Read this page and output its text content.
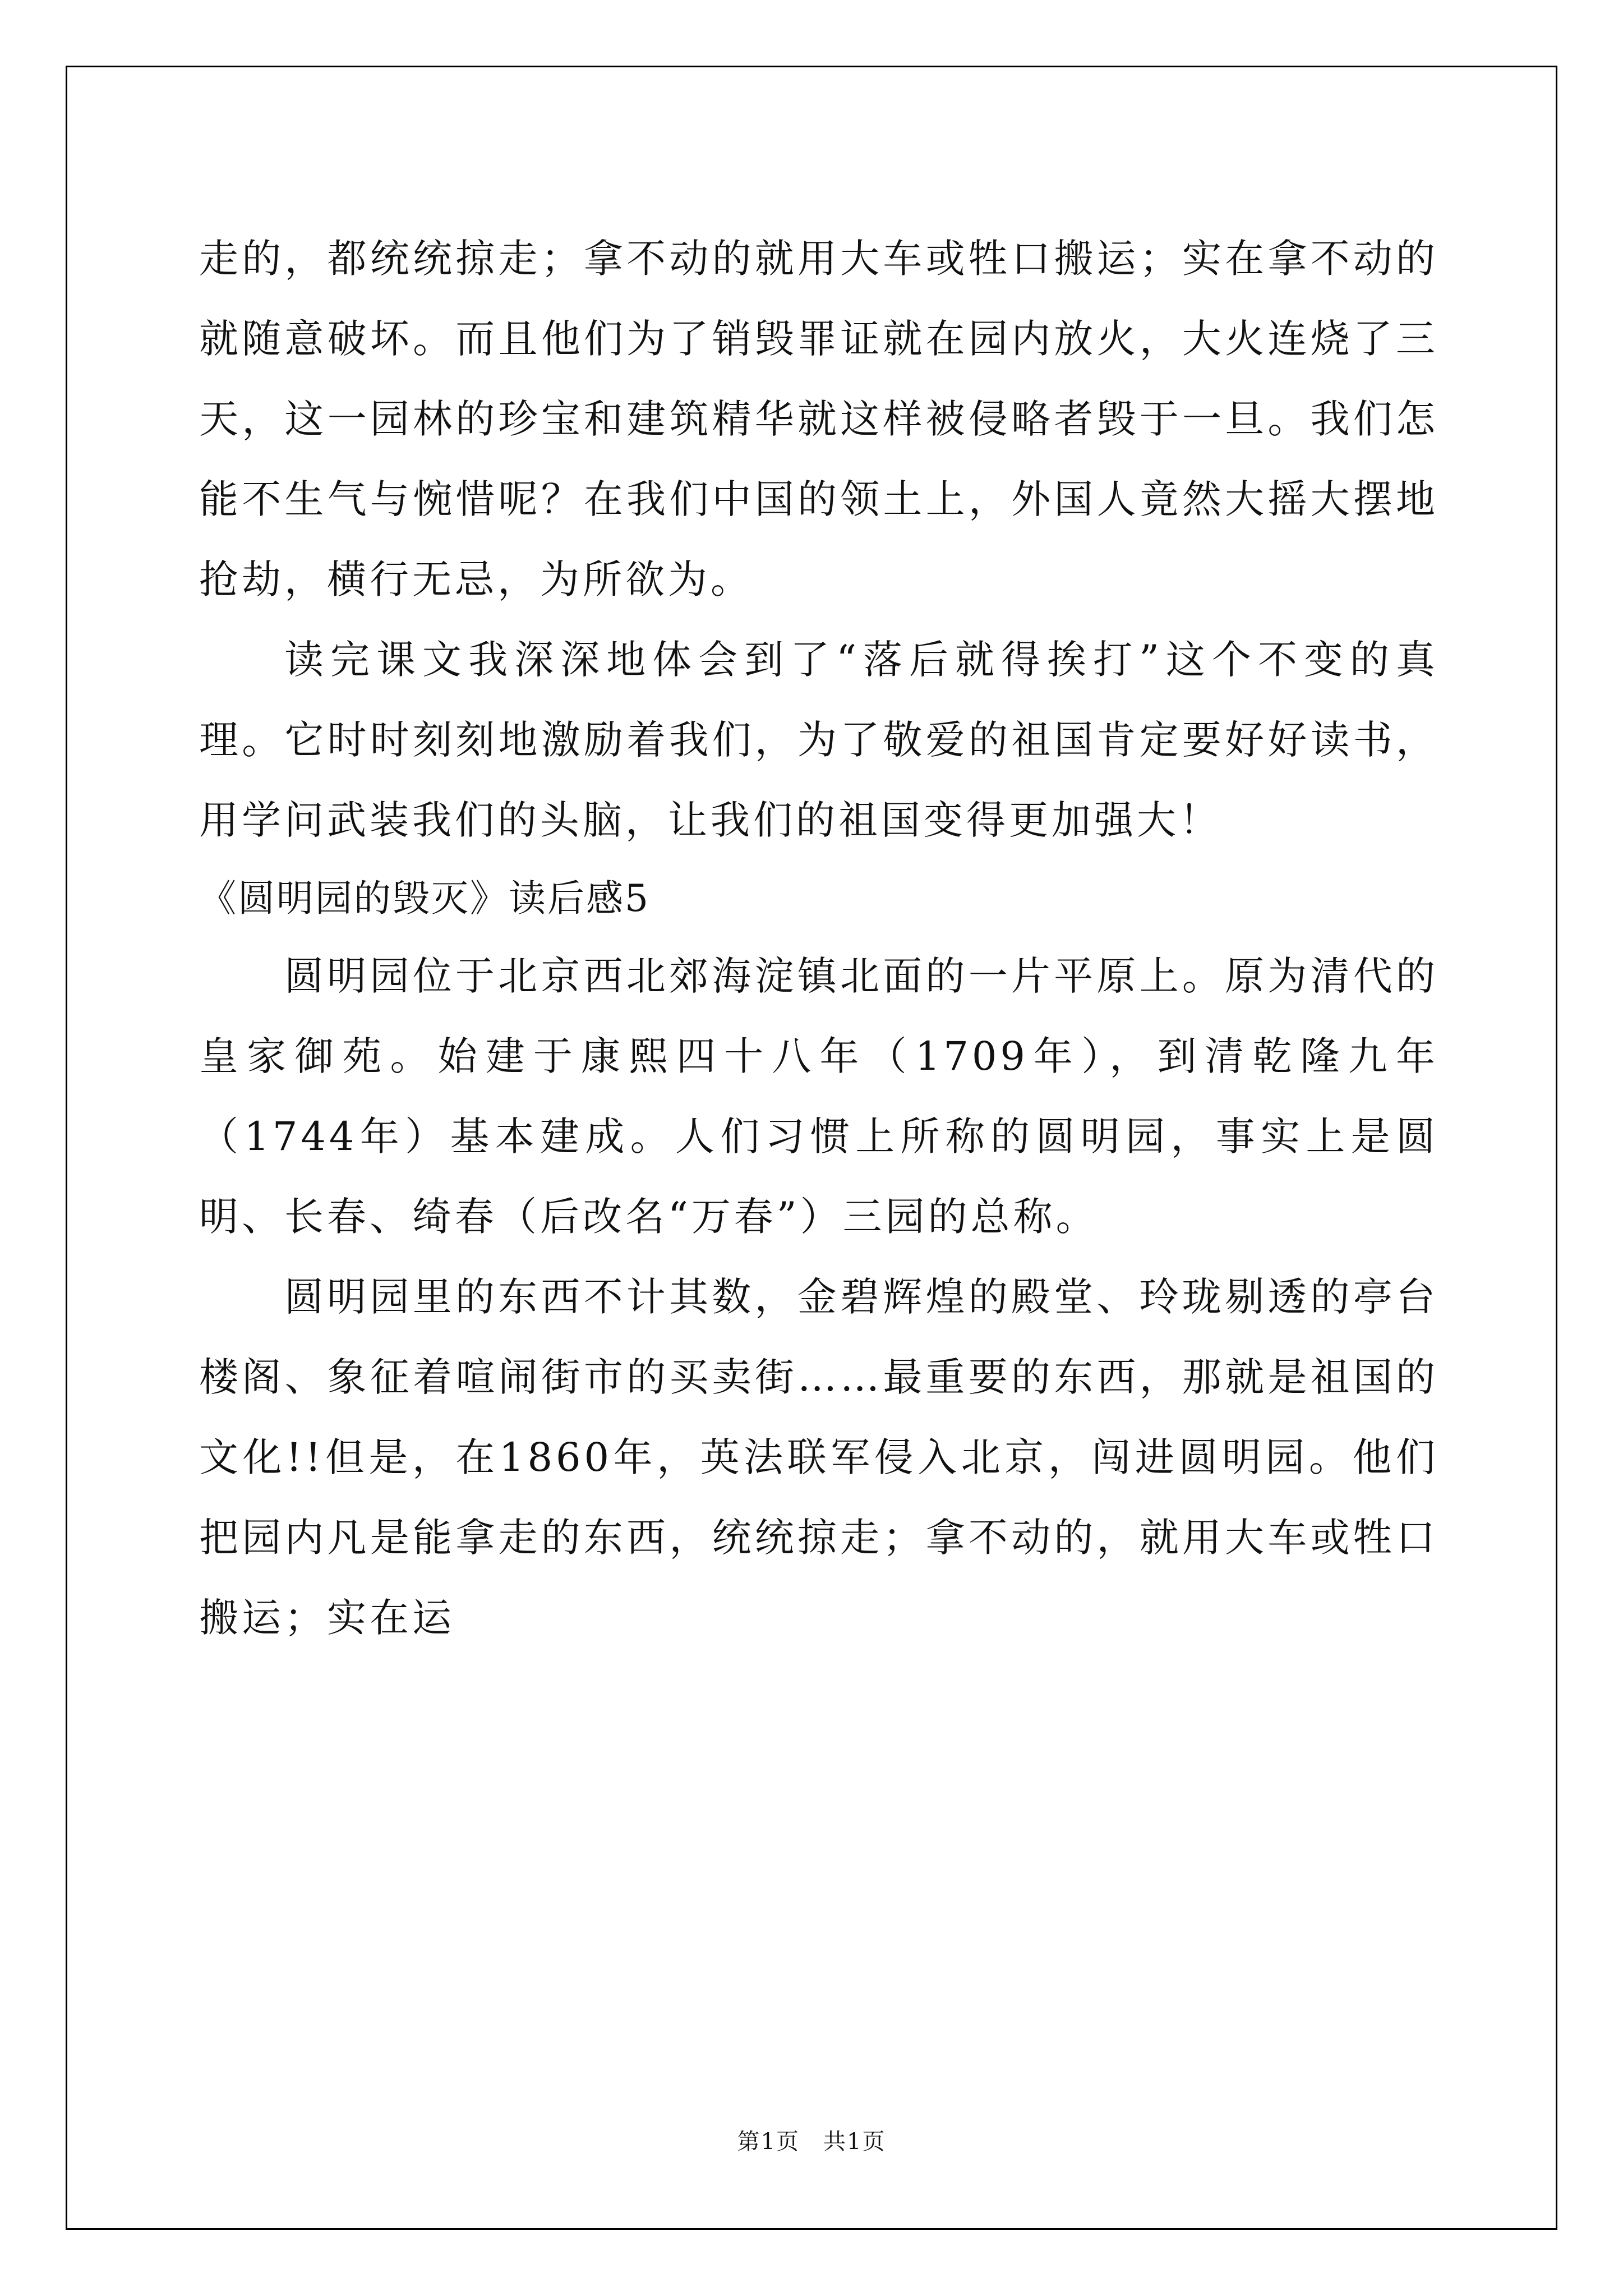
走的，都统统掠走；拿不动的就用大车或牲口搬运；实在拿不动的就随意破坏。而且他们为了销毁罪证就在园内放火，大火连烧了三天，这一园林的珍宝和建筑精华就这样被侵略者毁于一旦。我们怎能不生气与惋惜呢？在我们中国的领土上，外国人竟然大摇大摆地抢劫，横行无忌，为所欲为。

读完课文我深深地体会到了“落后就得挨打”这个不变的真理。它时时刻刻地激励着我们，为了敬爱的祖国肯定要好好读书，用学问武装我们的头脑，让我们的祖国变得更加强大！

《圆明园的毁灭》读后感5

圆明园位于北京西北郊海淀镇北面的一片平原上。原为清代的皇家御苑。始建于康熙四十八年（1709年），到清乾隆九年（1744年）基本建成。人们习惯上所称的圆明园，事实上是圆明、长春、绮春（后改名“万春”）三园的总称。

圆明园里的东西不计其数，金碧辉煌的殿堂、玲珑剔透的亭台楼阁、象征着喧闹街市的买卖街……最重要的东西，那就是祖国的文化!!但是，在1860年，英法联军侵入北京，闯进圆明园。他们把园内凡是能拿走的东西，统统掠走；拿不动的，就用大车或牲口搬运；实在运

第1页　共1页
